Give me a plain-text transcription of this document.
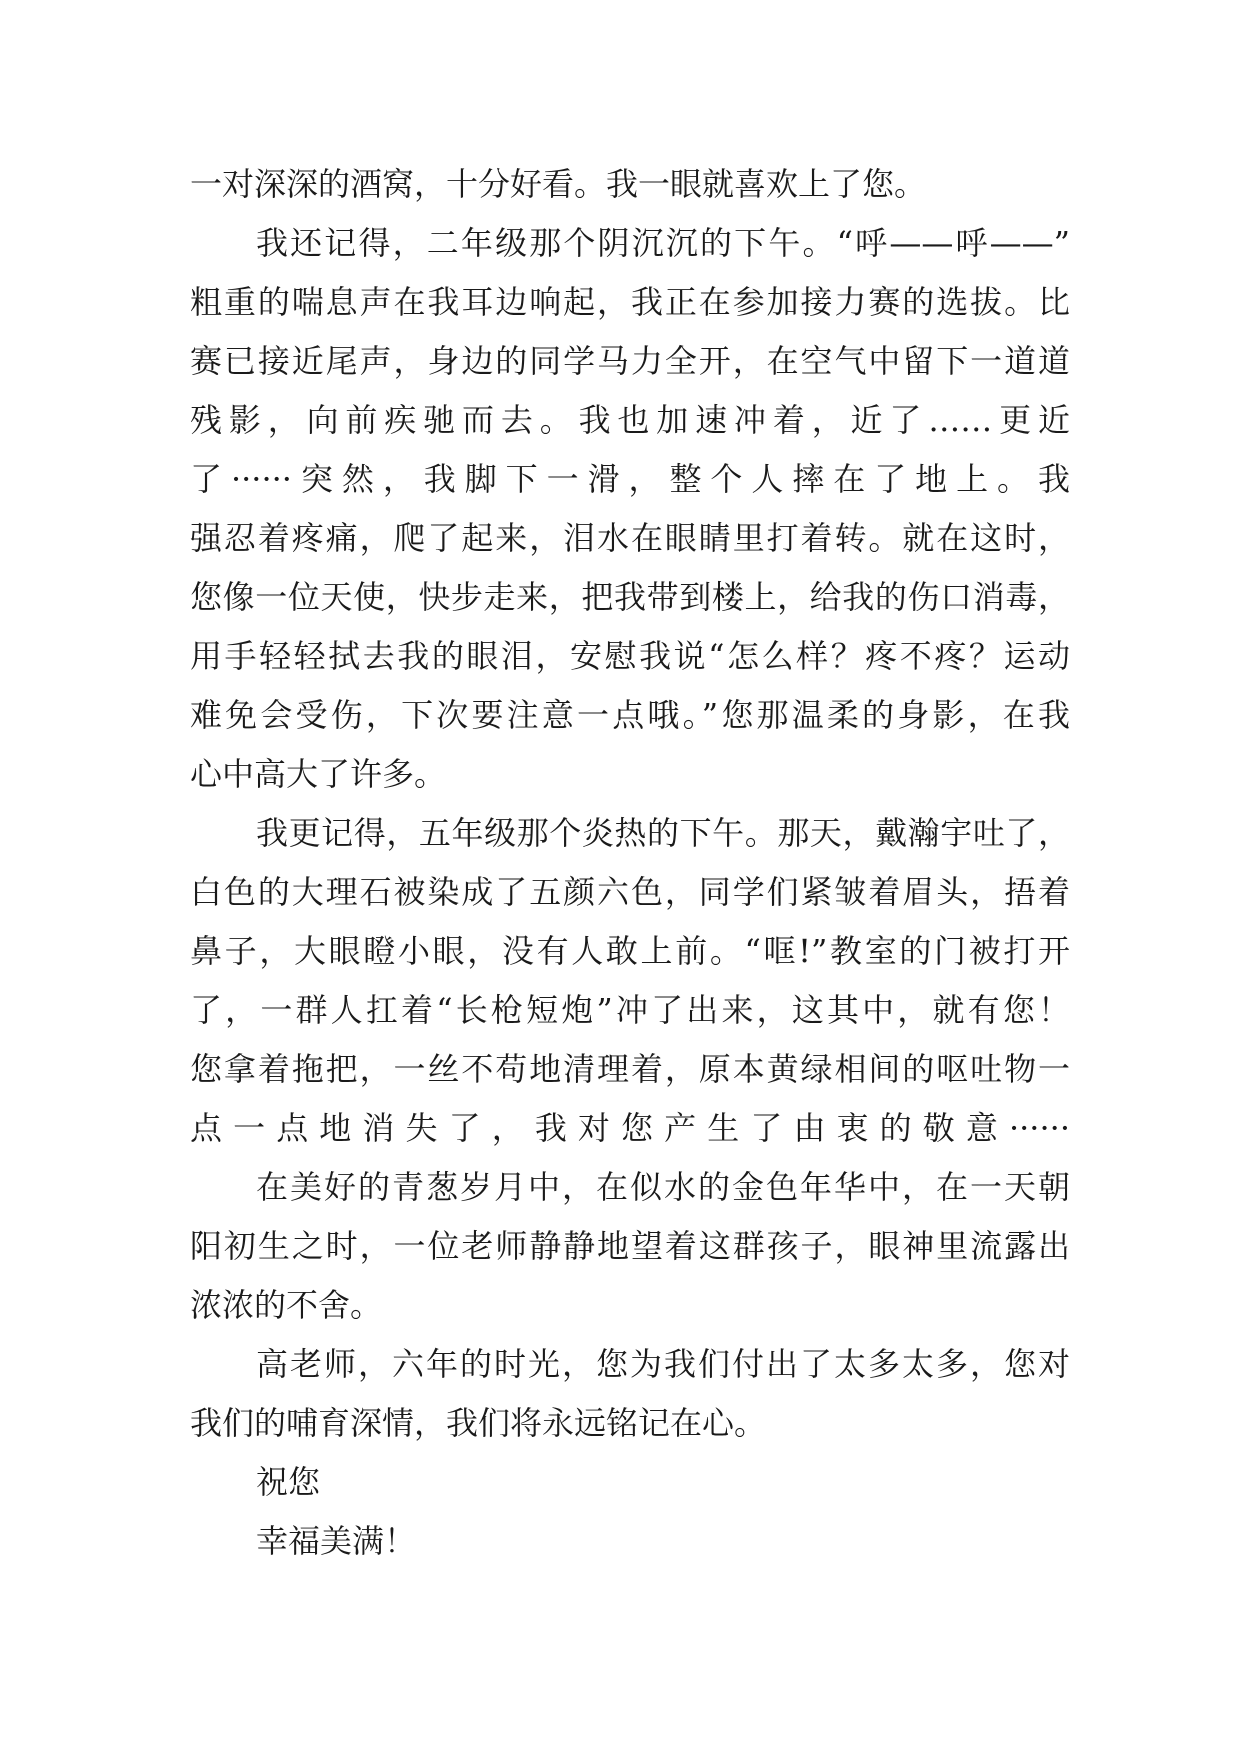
一对深深的酒窝，十分好看。我一眼就喜欢上了您。
我还记得，二年级那个阴沉沉的下午。“呼——呼——”
粗重的喘息声在我耳边响起，我正在参加接力赛的选拔。比
赛已接近尾声，身边的同学马力全开，在空气中留下一道道
残影，向前疾驰而去。我也加速冲着，近了……更近
了······突然，我脚下一滑，整个人摔在了地上。我
强忍着疼痛，爬了起来，泪水在眼睛里打着转。就在这时，
您像一位天使，快步走来，把我带到楼上，给我的伤口消毒，
用手轻轻拭去我的眼泪，安慰我说“怎么样？疼不疼？运动
难免会受伤，下次要注意一点哦。”您那温柔的身影，在我
心中高大了许多。
我更记得，五年级那个炎热的下午。那天，戴瀚宇吐了，
白色的大理石被染成了五颜六色，同学们紧皱着眉头，捂着
鼻子，大眼瞪小眼，没有人敢上前。“哐!”教室的门被打开
了，一群人扛着“长枪短炮”冲了出来，这其中，就有您！
您拿着拖把，一丝不苟地清理着，原本黄绿相间的呕吐物一
点一点地消失了，我对您产生了由衷的敬意······
在美好的青葱岁月中，在似水的金色年华中，在一天朝
阳初生之时，一位老师静静地望着这群孩子，眼神里流露出
浓浓的不舍。
高老师，六年的时光，您为我们付出了太多太多，您对
我们的哺育深情，我们将永远铭记在心。
祝您
幸福美满！
